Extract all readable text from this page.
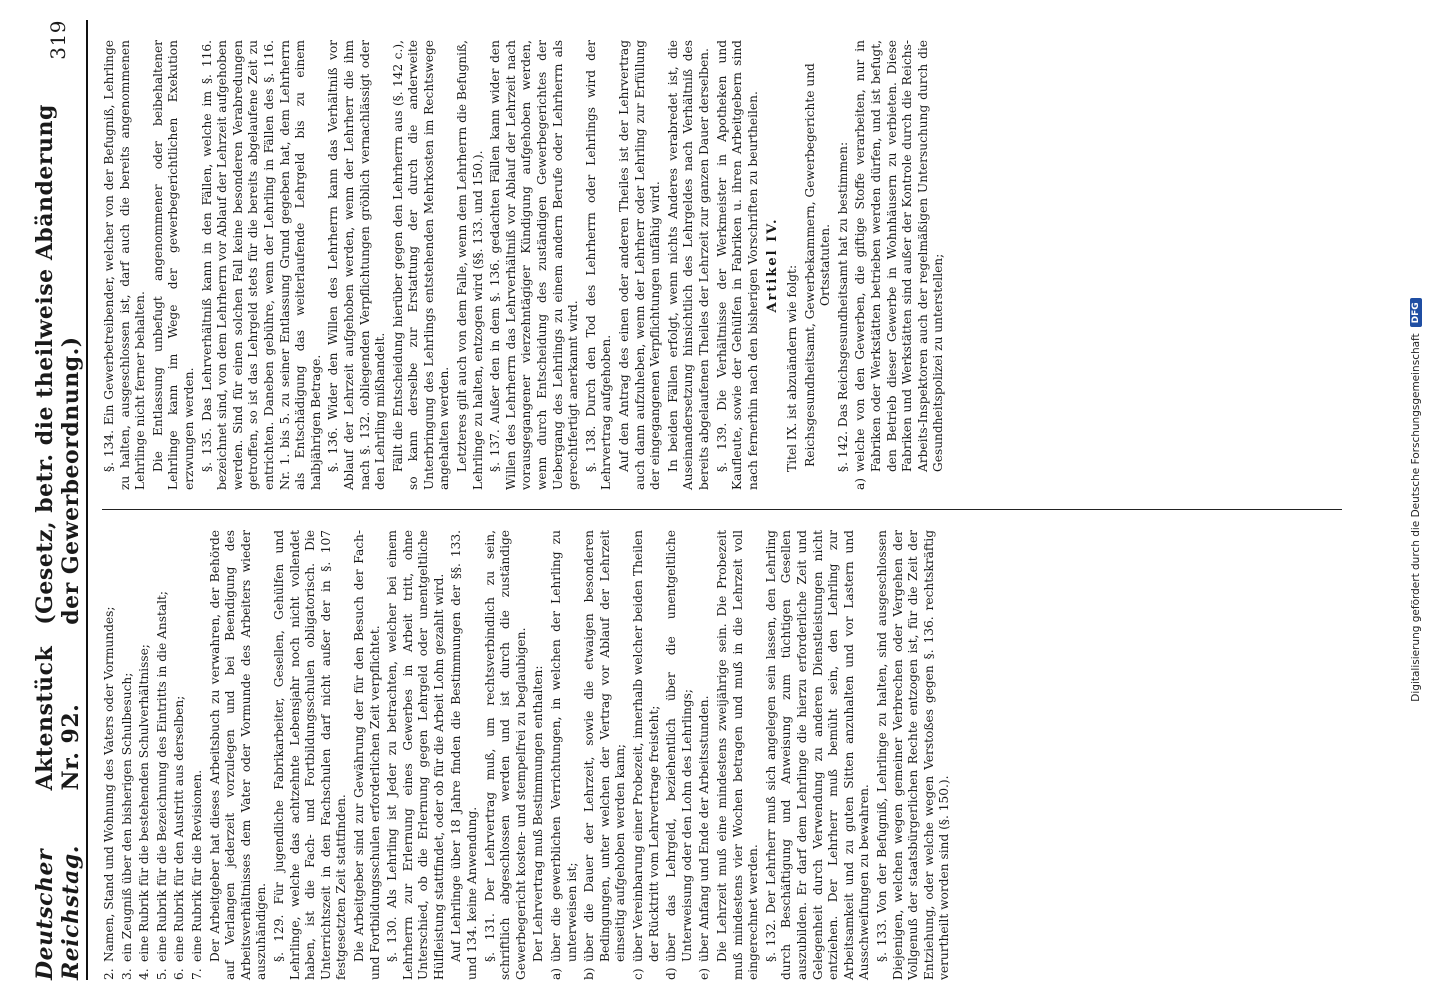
Deutscher Reichstag.
Aktenstück Nr. 92.
(Gesetz, betr. die theilweise Abänderung der Gewerbeordnung.)
319

2.
Namen, Stand und Wohnung des Vaters oder Vormundes;

3.
ein Zeugniß über den bisherigen Schulbesuch;

4.
eine Rubrik für die bestehenden Schulverhältnisse;

5.
eine Rubrik für die Bezeichnung des Eintritts in die Anstalt;

6.
eine Rubrik für den Austritt aus derselben;

7.
eine Rubrik für die Revisionen. Der Arbeitgeber hat dieses Arbeitsbuch zu verwahren, der Behörde auf Verlangen jederzeit vorzulegen und bei Beendigung des Arbeitsverhältnisses dem Vater oder Vormunde des Arbeiters wieder auszuhändigen. §. 129. Für jugendliche Fabrikarbeiter, Gesellen, Gehülfen und Lehrlinge, welche das achtzehnte Lebensjahr noch nicht vollendet haben, ist die Fach- und Fortbildungsschulen obligatorisch. Die Unterrichtszeit in den Fachschulen darf nicht außer der in §. 107 festgesetzten Zeit stattfinden. Die Arbeitgeber sind zur Gewährung der für den Besuch der Fach- und Fortbildungsschulen erforderlichen Zeit verpflichtet. §. 130. Als Lehrling ist Jeder zu betrachten, welcher bei einem Lehrherrn zur Erlernung eines Gewerbes in Arbeit tritt, ohne Unterschied, ob die Erlernung gegen Lehrgeld oder unentgeltliche Hülfleistung stattfindet, oder ob für die Arbeit Lohn gezahlt wird. Auf Lehrlinge über 18 Jahre finden die Bestimmungen der §§. 133. und 134. keine Anwendung. §. 131. Der Lehrvertrag muß, um rechtsverbindlich zu sein, schriftlich abgeschlossen werden und ist durch die zuständige Gewerbegericht kosten- und stempelfrei zu beglaubigen. Der Lehrvertrag muß Bestimmungen enthalten:

a)
über die gewerblichen Verrichtungen, in welchen der Lehrling zu unterweisen ist;

b)
über die Dauer der Lehrzeit, sowie die etwaigen besonderen Bedingungen, unter welchen der Vertrag vor Ablauf der Lehrzeit einseitig aufgehoben werden kann;

c)
über Vereinbarung einer Probezeit, innerhalb welcher beiden Theilen der Rücktritt vom Lehrvertrage freisteht;

d)
über das Lehrgeld, beziehentlich über die unentgeltliche Unterweisung oder den Lohn des Lehrlings;

e)
über Anfang und Ende der Arbeitsstunden. Die Lehrzeit muß eine mindestens zweijährige sein. Die Probezeit muß mindestens vier Wochen betragen und muß in die Lehrzeit voll eingerechnet werden. §. 132. Der Lehrherr muß sich angelegen sein lassen, den Lehrling durch Beschäftigung und Anweisung zum tüchtigen Gesellen auszubilden. Er darf dem Lehrlinge die hierzu erforderliche Zeit und Gelegenheit durch Verwendung zu anderen Dienstleistungen nicht entziehen. Der Lehrherr muß bemüht sein, den Lehrling zur Arbeitsamkeit und zu guten Sitten anzuhalten und vor Lastern und Ausschweifungen zu bewahren. §. 133. Von der Befugniß, Lehrlinge zu halten, sind ausgeschlossen Diejenigen, welchen wegen gemeiner Verbrechen oder Vergehen der Vollgenuß der staatsbürgerlichen Rechte entzogen ist, für die Zeit der Entziehung, oder welche wegen Verstoßes gegen §. 136. rechtskräftig verurtheilt worden sind (§. 150.).

§. 134. Ein Gewerbetreibender, welcher von der Befugniß, Lehrlinge zu halten, ausgeschlossen ist, darf auch die bereits angenommenen Lehrlinge nicht ferner behalten. Die Entlassung unbefugt angenommener oder beibehaltener Lehrlinge kann im Wege der gewerbegerichtlichen Exekution erzwungen werden. §. 135. Das Lehrverhältniß kann in den Fällen, welche im §. 116. bezeichnet sind, von dem Lehrherrn vor Ablauf der Lehrzeit aufgehoben werden. Sind für einen solchen Fall keine besonderen Verabredungen getroffen, so ist das Lehrgeld stets für die bereits abgelaufene Zeit zu entrichten. Daneben gebühre, wenn der Lehrling in Fällen des §. 116. Nr. 1. bis 5. zu seiner Entlassung Grund gegeben hat, dem Lehrherrn als Entschädigung das weiterlaufende Lehrgeld bis zu einem halbjährigen Betrage. §. 136. Wider den Willen des Lehrherrn kann das Verhältniß vor Ablauf der Lehrzeit aufgehoben werden, wenn der Lehrherr die ihm nach §. 132. obliegenden Verpflichtungen gröblich vernachlässigt oder den Lehrling mißhandelt. Fällt die Entscheidung hierüber gegen den Lehrherrn aus (§. 142 c.), so kann derselbe zur Erstattung der durch die anderweite Unterbringung des Lehrlings entstehenden Mehrkosten im Rechtswege angehalten werden. Letzteres gilt auch von dem Falle, wenn dem Lehrherrn die Befugniß, Lehrlinge zu halten, entzogen wird (§§. 133. und 150.). §. 137. Außer den in dem §. 136. gedachten Fällen kann wider den Willen des Lehrherrn das Lehrverhältniß vor Ablauf der Lehrzeit nach vorausgegangener vierzehntägiger Kündigung aufgehoben werden, wenn durch Entscheidung des zuständigen Gewerbegerichtes der Uebergang des Lehrlings zu einem andern Berufe oder Lehrherrn als gerechtfertigt anerkannt wird. §. 138. Durch den Tod des Lehrherrn oder Lehrlings wird der Lehrvertrag aufgehoben. Auf den Antrag des einen oder anderen Theiles ist der Lehrvertrag auch dann aufzuheben, wenn der Lehrherr oder Lehrling zur Erfüllung der eingegangenen Verpflichtungen unfähig wird. In beiden Fällen erfolgt, wenn nichts Anderes verabredet ist, die Auseinandersetzung hinsichtlich des Lehrgeldes nach Verhältniß des bereits abgelaufenen Theiles der Lehrzeit zur ganzen Dauer derselben. §. 139. Die Verhältnisse der Werkmeister in Apotheken und Kaufleute, sowie der Gehülfen in Fabriken u. ihren Arbeitgebern sind nach fernerhin nach den bisherigen Vorschriften zu beurtheilen. Artikel IV. Titel IX. ist abzuändern wie folgt: Reichsgesundheitsamt, Gewerbekammern, Gewerbegerichte und Ortsstatuten. §. 142. Das Reichsgesundheitsamt hat zu bestimmen:

a)
welche von den Gewerben, die giftige Stoffe verarbeiten, nur in Fabriken oder Werkstätten betrieben werden dürfen, und ist befugt, den Betrieb dieser Gewerbe in Wohnhäusern zu verbieten. Diese Fabriken und Werkstätten sind außer der Kontrole durch die Reichs-Arbeits-Inspektoren auch der regelmäßigen Untersuchung durch die Gesundheitspolizei zu unterstellen;	Digitalisierung gefördert durch die Deutsche Forschungsgemeinschaft
DFG
